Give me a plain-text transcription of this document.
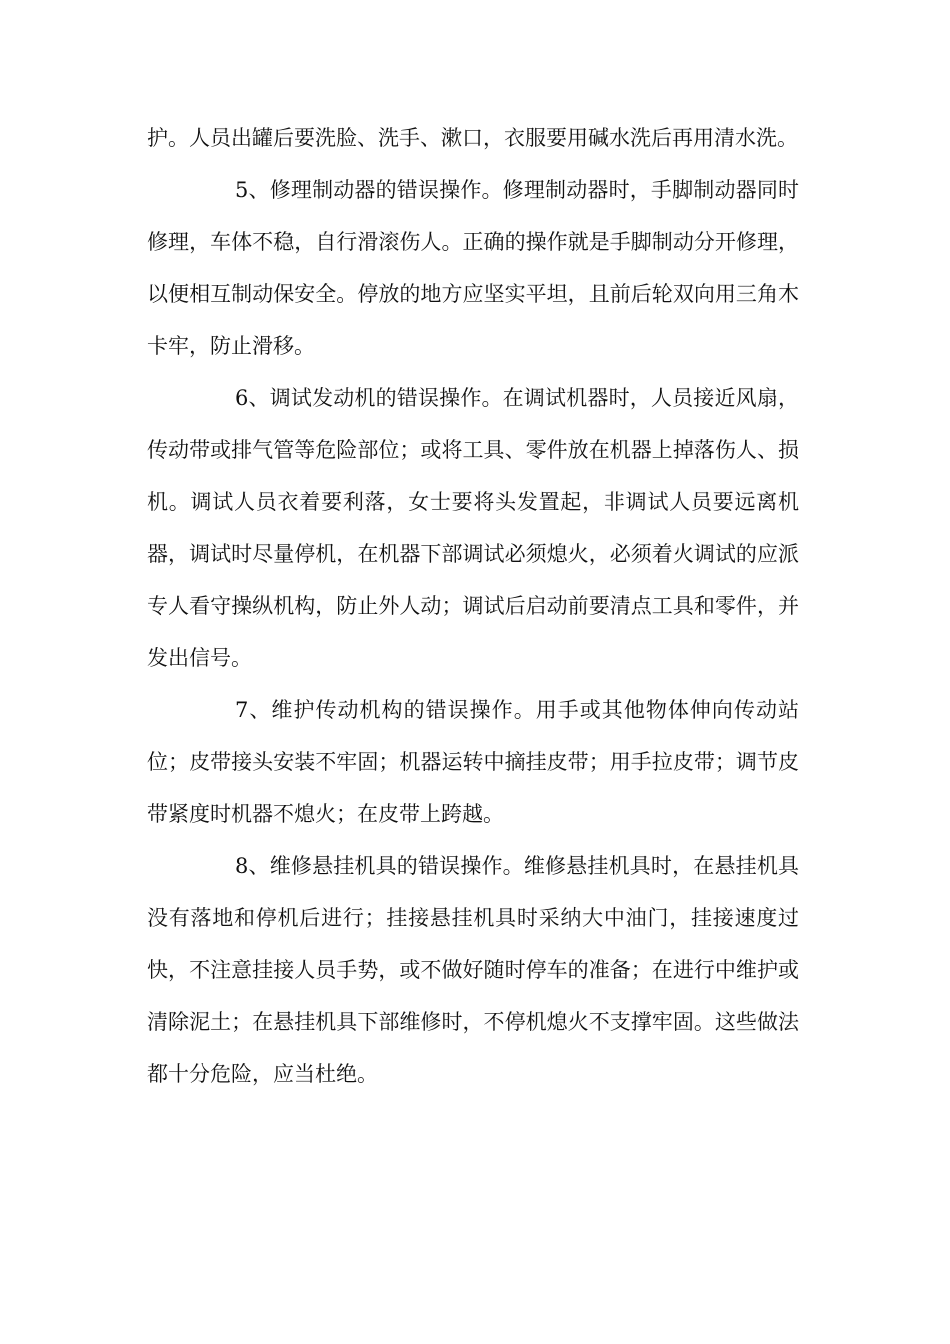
护。人员出罐后要洗脸、洗手、漱口，衣服要用碱水洗后再用清水洗。

5、修理制动器的错误操作。修理制动器时，手脚制动器同时修理，车体不稳，自行滑滚伤人。正确的操作就是手脚制动分开修理，以便相互制动保安全。停放的地方应坚实平坦，且前后轮双向用三角木卡牢，防止滑移。

6、调试发动机的错误操作。在调试机器时，人员接近风扇，传动带或排气管等危险部位；或将工具、零件放在机器上掉落伤人、损机。调试人员衣着要利落，女士要将头发置起，非调试人员要远离机器，调试时尽量停机，在机器下部调试必须熄火，必须着火调试的应派专人看守操纵机构，防止外人动；调试后启动前要清点工具和零件，并发出信号。

7、维护传动机构的错误操作。用手或其他物体伸向传动站位；皮带接头安装不牢固；机器运转中摘挂皮带；用手拉皮带；调节皮带紧度时机器不熄火；在皮带上跨越。

8、维修悬挂机具的错误操作。维修悬挂机具时，在悬挂机具没有落地和停机后进行；挂接悬挂机具时采纳大中油门，挂接速度过快，不注意挂接人员手势，或不做好随时停车的准备；在进行中维护或清除泥土；在悬挂机具下部维修时，不停机熄火不支撑牢固。这些做法都十分危险，应当杜绝。
